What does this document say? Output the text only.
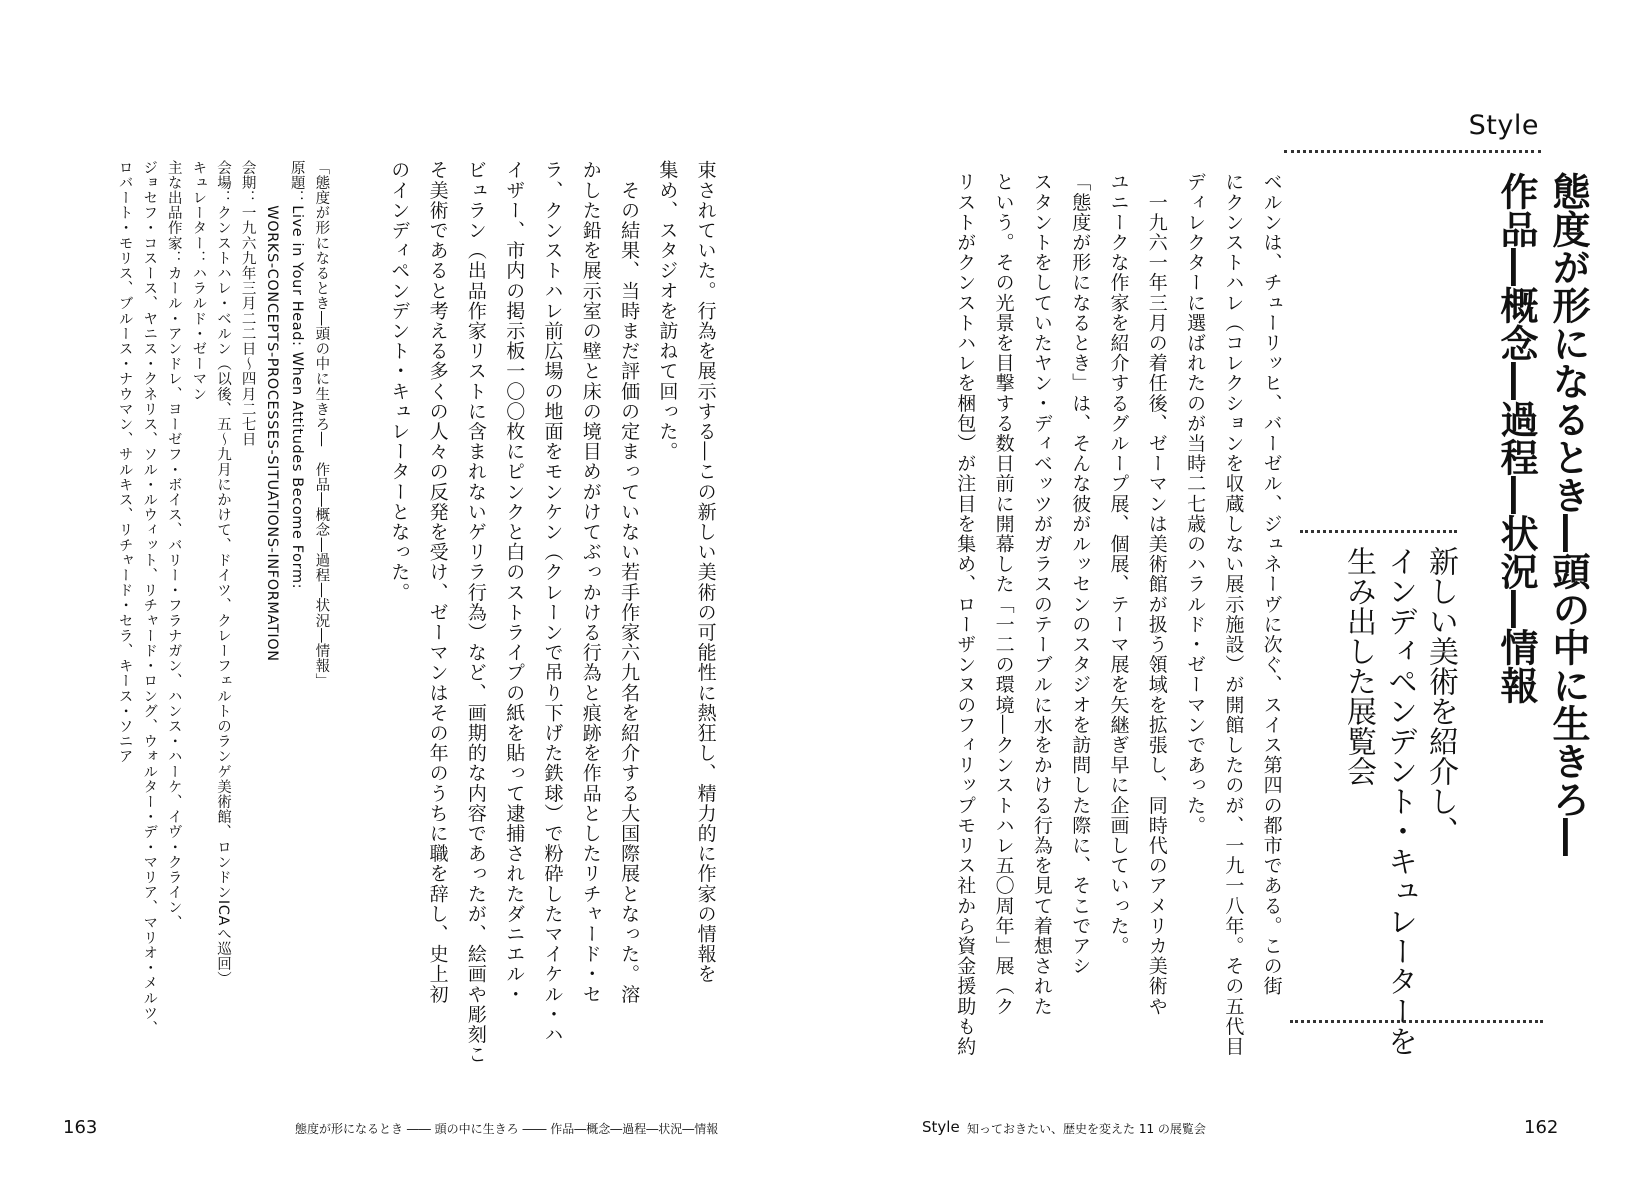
Style
態度が形になるとき―頭の中に生きろ―
作品―概念―過程―状況―情報
新しい美術を紹介し、
インディペンデント・キュレーターを
生み出した展覧会
ベルンは、チューリッヒ、バーゼル、ジュネーヴに次ぐ、スイス第四の都市である。この街
にクンストハレ（コレクションを収蔵しない展示施設）が開館したのが、一九一八年。その五代目
ディレクターに選ばれたのが当時二七歳のハラルド・ゼーマンであった。
　一九六一年三月の着任後、ゼーマンは美術館が扱う領域を拡張し、同時代のアメリカ美術や
ユニークな作家を紹介するグループ展、個展、テーマ展を矢継ぎ早に企画していった。
「態度が形になるとき」は、そんな彼がルッセンのスタジオを訪問した際に、そこでアシ
スタントをしていたヤン・ディベッツがガラスのテーブルに水をかける行為を見て着想された
という。その光景を目撃する数日前に開幕した「一二の環境―クンストハレ五〇周年」展（ク
リストがクンストハレを梱包）が注目を集め、ローザンヌのフィリップモリス社から資金援助も約
束されていた。行為を展示する―この新しい美術の可能性に熱狂し、精力的に作家の情報を
集め、スタジオを訪ねて回った。
　その結果、当時まだ評価の定まっていない若手作家六九名を紹介する大国際展となった。溶
かした鉛を展示室の壁と床の境目めがけてぶっかける行為と痕跡を作品としたリチャード・セ
ラ、クンストハレ前広場の地面をモンケン（クレーンで吊り下げた鉄球）で粉砕したマイケル・ハ
イザー、市内の掲示板一〇〇枚にピンクと白のストライプの紙を貼って逮捕されたダニエル・
ビュラン（出品作家リストに含まれないゲリラ行為）など、画期的な内容であったが、絵画や彫刻こ
そ美術であると考える多くの人々の反発を受け、ゼーマンはその年のうちに職を辞し、史上初
のインディペンデント・キュレーターとなった。
「態度が形になるとき―頭の中に生きろ―　作品―概念―過程―状況―情報」
原題：Live in Your Head: When Attitudes Become Form:
　　　WORKS-CONCEPTS-PROCESSES-SITUATIONS-INFORMATION
会期：一九六九年三月二二日〜四月二七日
会場：クンストハレ・ベルン（以後、五〜九月にかけて、ドイツ、クレーフェルトのランゲ美術館、ロンドンICAへ巡回）
キュレーター：ハラルド・ゼーマン
主な出品作家：カール・アンドレ、ヨーゼフ・ボイス、バリー・フラナガン、ハンス・ハーケ、イヴ・クライン、
ジョセフ・コスース、ヤニス・クネリス、ソル・ルウィット、リチャード・ロング、ウォルター・デ・マリア、マリオ・メルツ、
ロバート・モリス、ブルース・ナウマン、サルキス、リチャード・セラ、キース・ソニア
163	態度が形になるとき ―― 頭の中に生きろ ―― 作品―概念―過程―状況―情報	Style 知っておきたい、歴史を変えた 11 の展覧会	162
